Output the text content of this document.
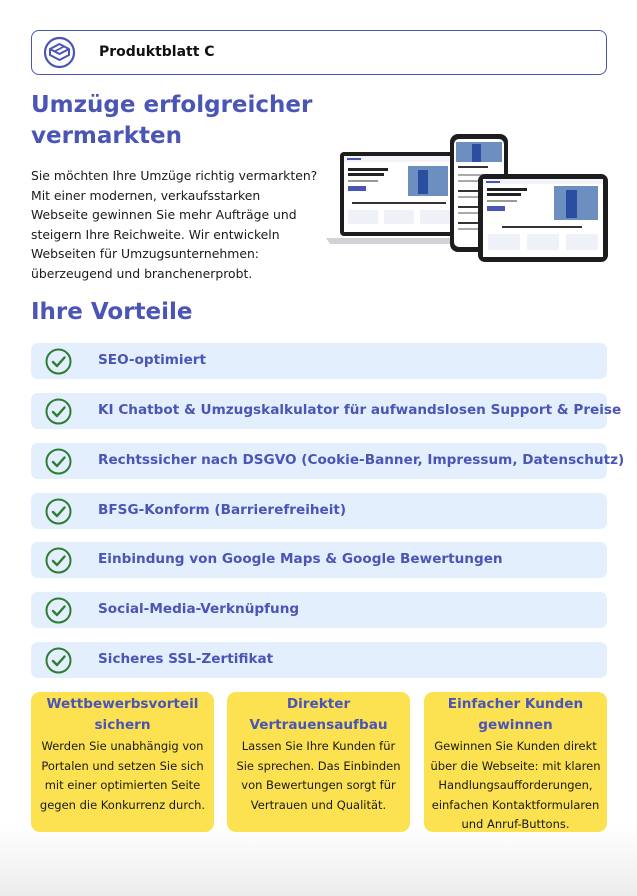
Produktblatt C
Umzüge erfolgreicher
vermarkten
Sie möchten Ihre Umzüge richtig vermarkten?
Mit einer modernen, verkaufsstarken
Webseite gewinnen Sie mehr Aufträge und
steigern Ihre Reichweite. Wir entwickeln
Webseiten für Umzugsunternehmen:
überzeugend und branchenerprobt.
Ihre Vorteile
SEO-optimiert
KI Chatbot & Umzugskalkulator für aufwandslosen Support & Preise
Rechtssicher nach DSGVO (Cookie-Banner, Impressum, Datenschutz)
BFSG-Konform (Barrierefreiheit)
Einbindung von Google Maps & Google Bewertungen
Social-Media-Verknüpfung
Sicheres SSL-Zertifikat
Wettbewerbsvorteil
sichern
Werden Sie unabhängig von
Portalen und setzen Sie sich
mit einer optimierten Seite
gegen die Konkurrenz durch.
Direkter
Vertrauensaufbau
Lassen Sie Ihre Kunden für
Sie sprechen. Das Einbinden
von Bewertungen sorgt für
Vertrauen und Qualität.
Einfacher Kunden
gewinnen
Gewinnen Sie Kunden direkt
über die Webseite: mit klaren
Handlungsaufforderungen,
einfachen Kontaktformularen
und Anruf-Buttons.
